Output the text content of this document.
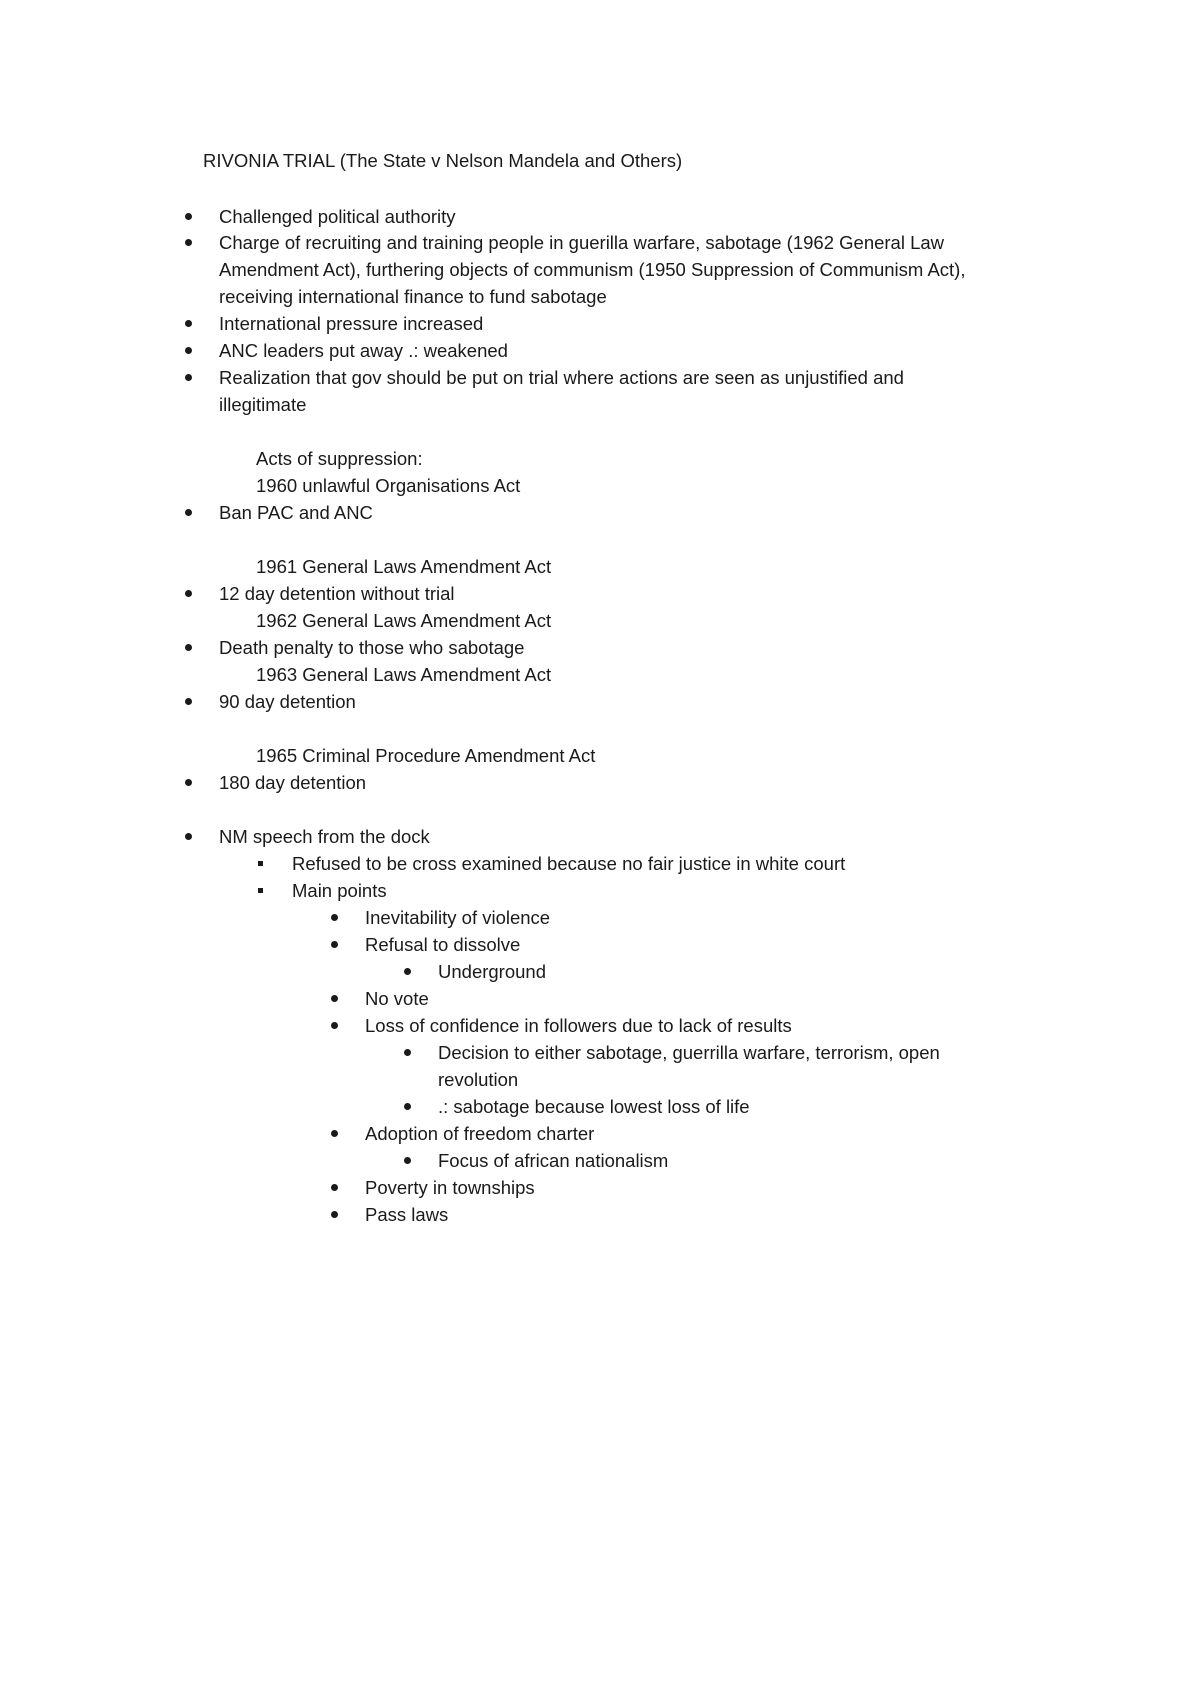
RIVONIA TRIAL (The State v Nelson Mandela and Others)
Challenged political authority
Charge of recruiting and training people in guerilla warfare, sabotage (1962 General Law
Amendment Act), furthering objects of communism (1950 Suppression of Communism Act),
receiving international finance to fund sabotage
International pressure increased
ANC leaders put away .: weakened
Realization that gov should be put on trial where actions are seen as unjustified and
illegitimate
Acts of suppression:
1960 unlawful Organisations Act
Ban PAC and ANC
1961 General Laws Amendment Act
12 day detention without trial
1962 General Laws Amendment Act
Death penalty to those who sabotage
1963 General Laws Amendment Act
90 day detention
1965 Criminal Procedure Amendment Act
180 day detention
NM speech from the dock
Refused to be cross examined because no fair justice in white court
Main points
Inevitability of violence
Refusal to dissolve
Underground
No vote
Loss of confidence in followers due to lack of results
Decision to either sabotage, guerrilla warfare, terrorism, open
revolution
.: sabotage because lowest loss of life
Adoption of freedom charter
Focus of african nationalism
Poverty in townships
Pass laws
